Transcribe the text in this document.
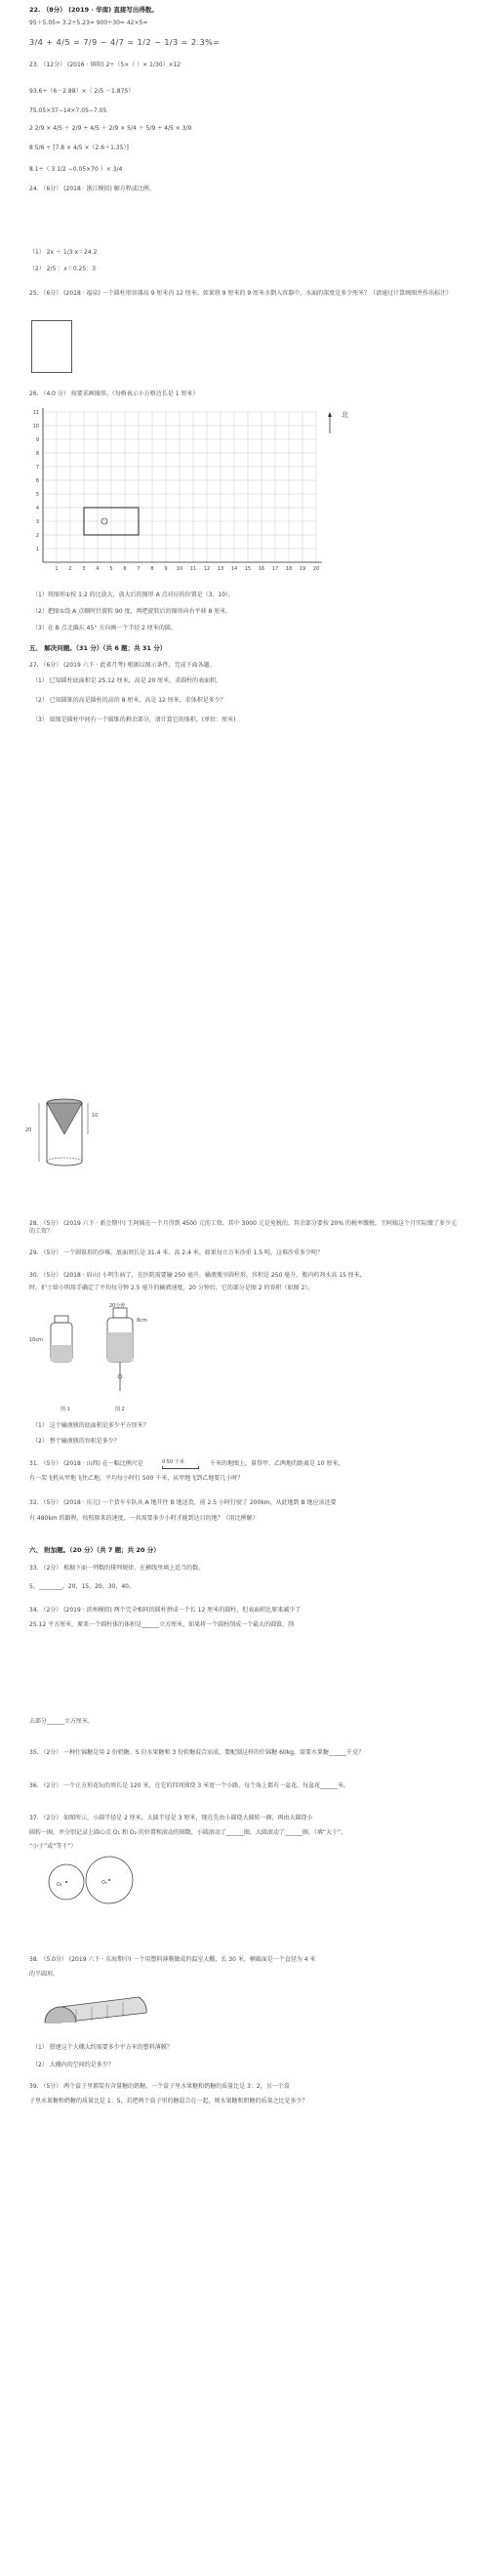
22. （8分） (2019 · 华南) 直接写出得数。
95＋5.05= 3.2÷5.23= 900÷30= 42×5=
3/4 + 4/5 = 7/9 − 4/7 = 1/2 − 1/3 = 2.3%=
23. （12分） (2016 · 镇阳) 2÷（5×（ ）× 1/30）×12
93.6÷（6－2.88）×（ 2/5 －1.875）
75.05×37−14×7.05−7.05
2 2/9 × 4/5 ＋ 2/9 ÷ 4/5 ＋ 2/9 × 5/4 ＋ 5/9 ÷ 4/5 × 3/9
8 5/6 ÷ [7.8 × 4/5 ×（2.6＋1.35）]
8.1÷（ 3 1/2 −0.05×70 ）× 3/4
24. （6分） (2018 · 浙江模拟) 解方程或比例。
（1） 2x ＋ 1/3 x＝24.2
（2） 2/5 ：x＝0.25：3
25. （6分） (2018 · 福泉) 一个圆柱形容器高 9 厘米内 12 厘米。如果将 9 厘米的 9 厘米水倒入容器中，水面的深度是多少厘米？（请通过计算画图并作出标注）
26. （4.0 分） 按要求画图形。（每格表示小方格边长是 1 厘米）
1 2 3 4 5 6 7 8 9 10 11 12 13 14 15 16 17 18 19 20
1
2
3
4
5
6
7
8
9
10
11	北
（1）将图形①按 1:2 的比放大，放大后的图形 A 点对应的位置是（3，10）。
（2）把图①绕 A 点顺时针旋转 90 度，再把旋转后的图形向右平移 8 厘米。
（3）在 B 点北偏东 45° 方向画一个半径 2 厘米的圆。
五、 解决问题。（31 分）（共 6 题；共 31 分）
27. （6分） (2019 六下 · 此省月考) 根据以图示条件，完成下面各题。
（1） 已知圆柱底面积是 25.12 厘米，高是 20 厘米，求圆柱的表面积。
（2） 已知圆锥的高是圆柱的高的 8 厘米，高是 12 厘米，求体积是多少？
（3） 如图是圆柱中间有一个圆锥的剩余部分，请计算它的体积。(单位：厘米)
20
10
28. （5分） (2019 六下 · 新会期中) 王阿姨在一个月得到 4500 元的工资，其中 3000 元是免税的，其余部分要按 20% 的税率缴税，王阿姨这个月实际缴了多少元的工资？
29. （5分） 一个圆锥形的沙堆，底面周长是 31.4 米，高 2.4 米。如果每立方米沙重 1.5 吨，这堆沙重多少吨？
30. （5分） (2018 · 眉山) 小明生病了，在医院需要输 250 毫升，输液瓶呈圆柱形，容积是 250 毫升，瓶内药剂水高 15 厘米，
时，护士给小明用手确定了平均每分钟 2.5 毫升的输液速度，20 分钟后，它的部分是图 2 的容积（如图 2）。
10cm
8cm
20分钟
图 1	图 2
（1） 这个输液瓶的底面积是多少平方厘米？
（2） 整个输液瓶的容积是多少？
31. （5分） (2018 · 山西) 在一幅比例尺是	0 50 千米	千米的地图上，量得甲、乙两地的距离是 10 厘米，
有一架飞机从甲地飞往乙地，平均每小时行 500 千米，从甲地飞到乙地要几小时？
32. （5分） (2018 · 庆元) 一个货车车队从 A 地开往 B 地送货，前 2.5 小时行驶了 200km，从此地到 B 地应该还要
有 480km 的路程，按照原来的速度，一共需要多少小时才能到达目的地？（用比例解）
六、 附加题。（20 分）（共 7 题；共 20 分）
33. （2分） 根据下面一列数的排列规律，在横线里填上适当的数。
5，________，20，15，20，30，40。
34. （2分） (2019 · 滨州模拟) 两个完全相同的圆柱拼成一个长 12 厘米的圆柱，但表面积比原来减少了
25.12 平方厘米，原来一个圆柱体的体积是______立方厘米，如果将一个圆柱削成一个最大的圆锥，削
去部分______立方厘米。
35. （2分） 一种什锦糖是用 2 份奶糖、5 份水果糖和 3 份软糖混合而成，要配制这样的什锦糖 60kg，需要水果糖______千克？
36. （2分） 一个正方形花坛的周长是 120 米，在它的四周围绕 3 米宽一个小路，每个角上都有一盆花，每盆花______米。
37. （2分） 如图所示，小圆半径是 2 厘米，大圆半径是 3 厘米，现在先由小圆绕大圆转一圈，再由大圆绕小
圆转一圈，并分别记录上圆心点 O₁ 和 O₂ 的位置和滚动的圈数，小圆滚动了______圈，大圆滚动了______圈。（填“大于”、
“小于”或“等于”）
O₁	O₂
38. （5.0分） (2019 六下 · 东海期中) 一个用塑料薄膜做成的温室大棚，长 30 米，横截面是一个直径为 4 米
的半圆形。
（1） 搭建这个大棚大约需要多少平方米的塑料薄膜？
（2） 大棚内的空间约是多少？
39. （5分） 两个盒子里都装有含量糖的奶糖，一个盒子里水果糖和奶糖的质量比是 3：2，另一个盒
子里水果糖和奶糖的质量比是 1：5，若把两个盒子里的糖混合在一起，则水果糖和奶糖的质量之比是多少？
